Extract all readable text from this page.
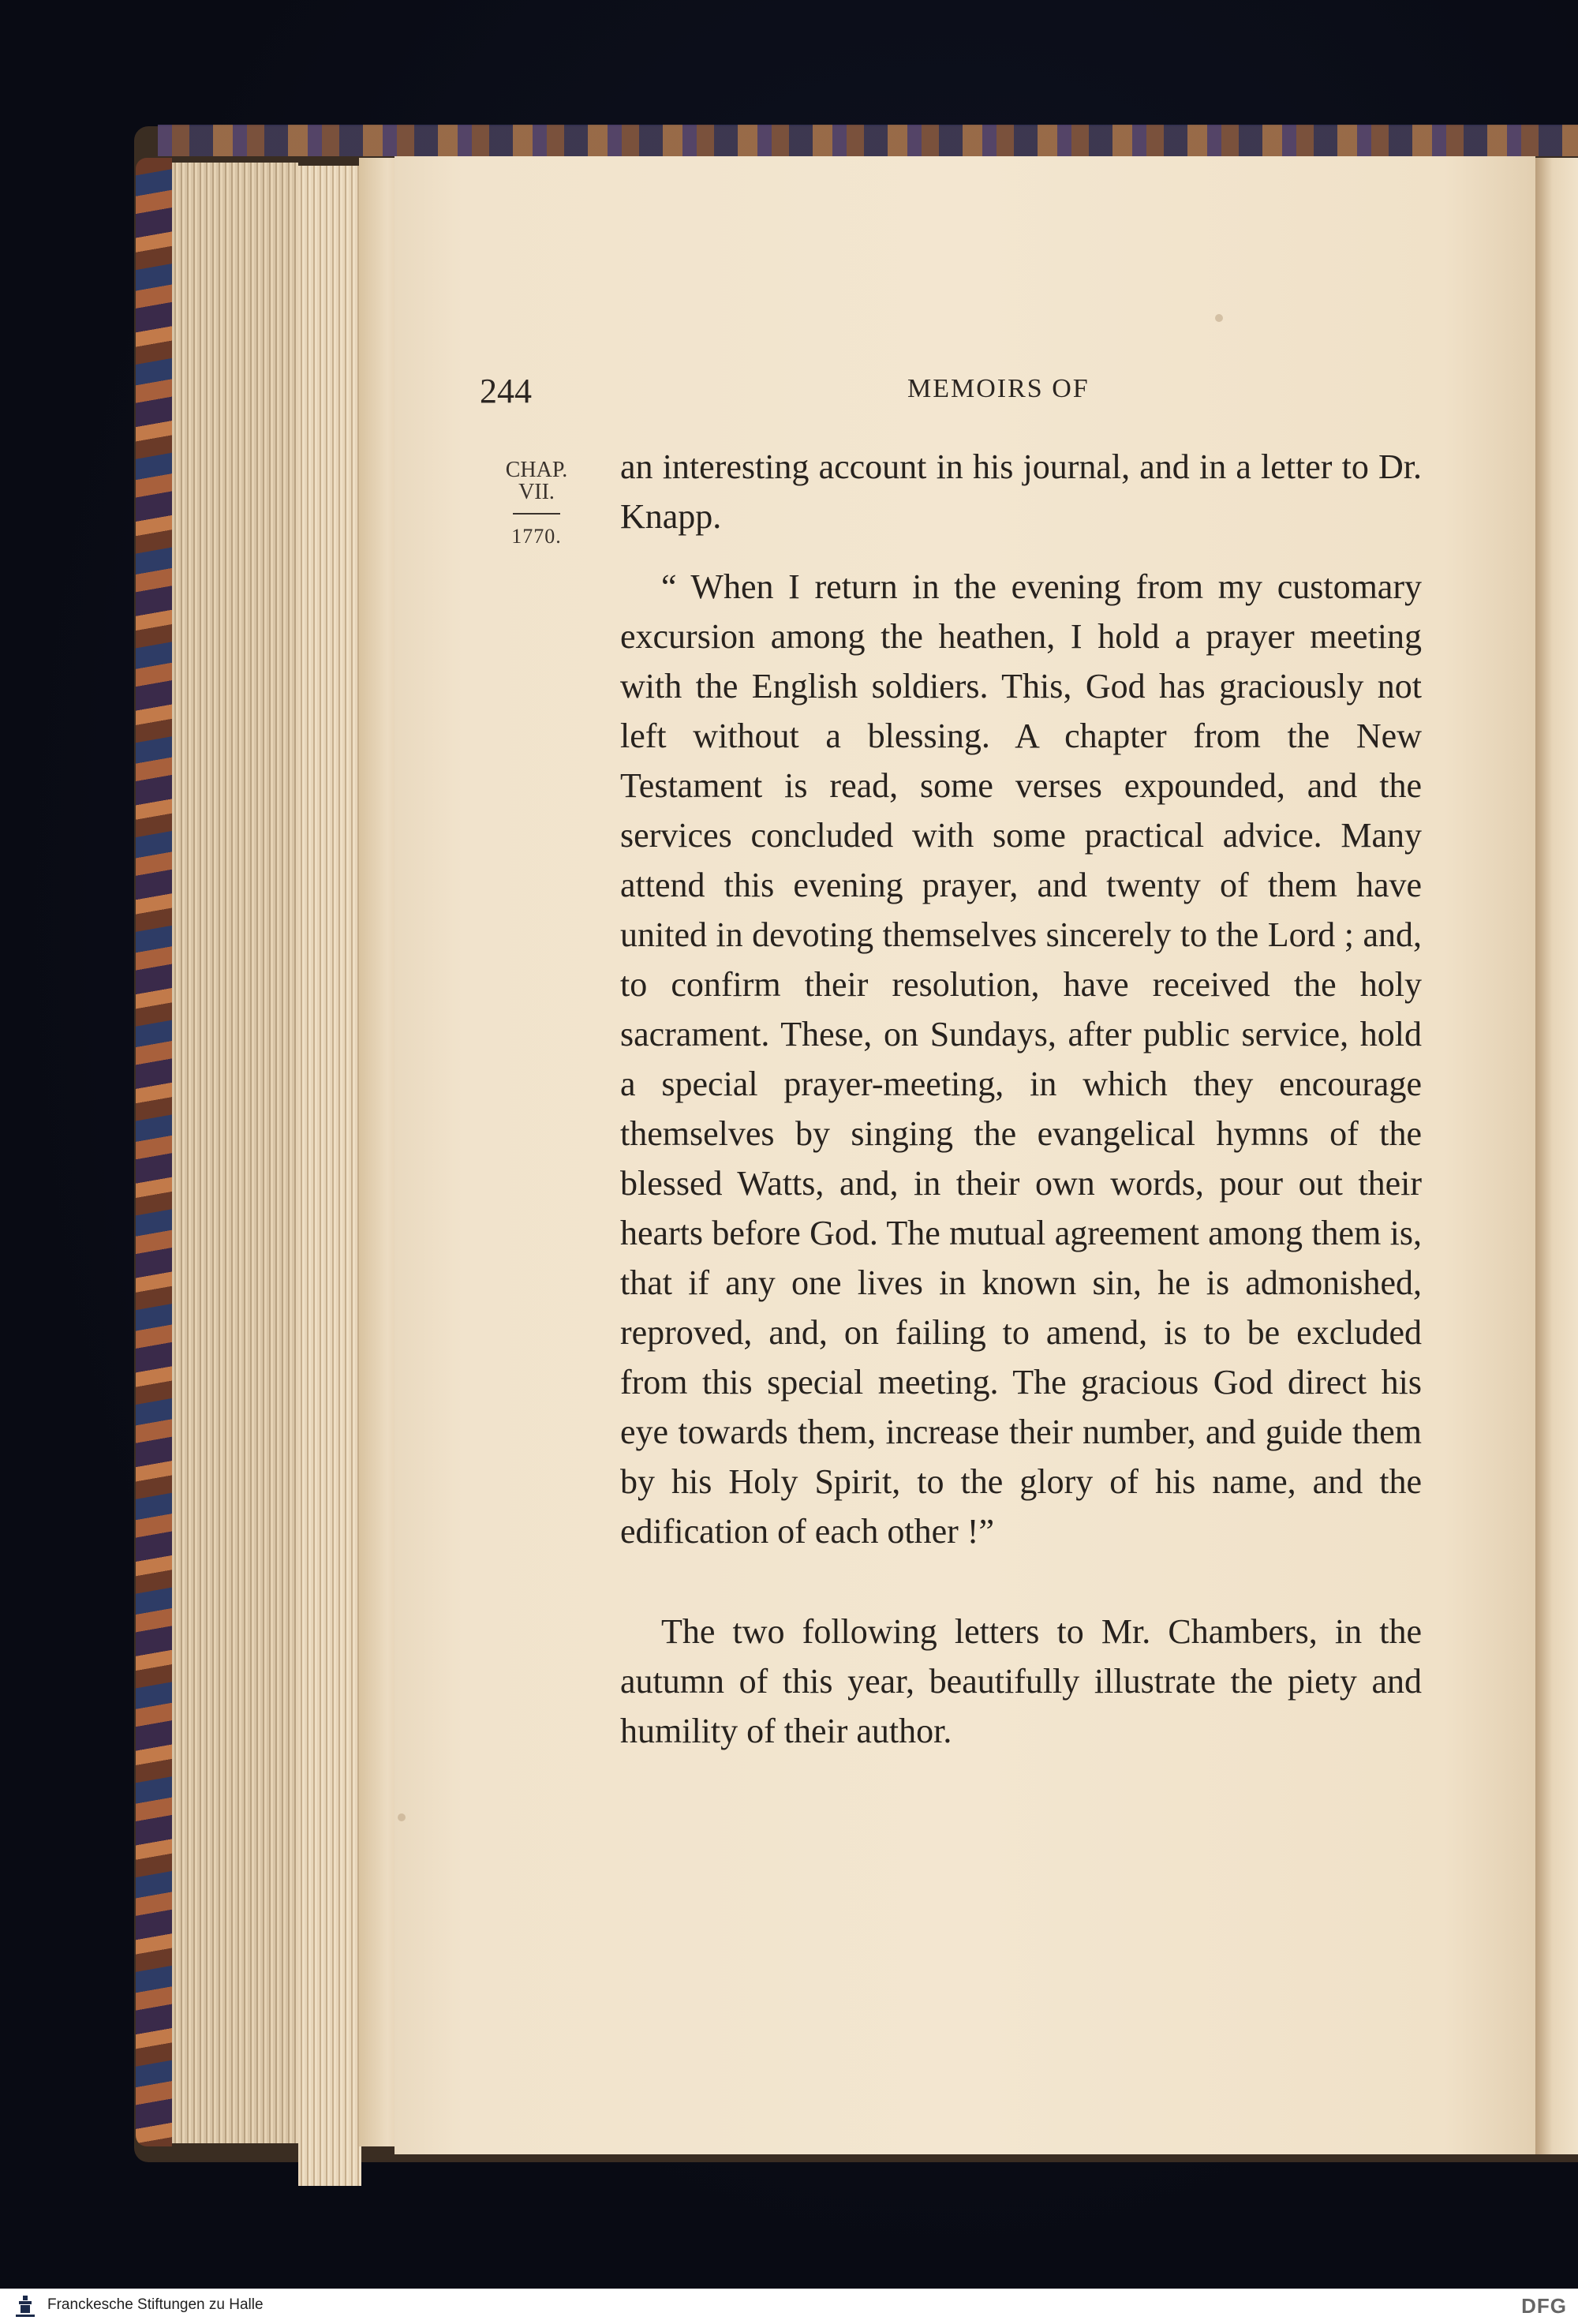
244	MEMOIRS OF
CHAP.
VII.
1770.

an interesting account in his journal, and in a letter to Dr. Knapp.

“ When I return in the evening from my customary excursion among the heathen, I hold a prayer meeting with the English soldiers. This, God has graciously not left without a blessing. A chapter from the New Testament is read, some verses expounded, and the services concluded with some practical advice. Many attend this evening prayer, and twenty of them have united in devoting themselves sincerely to the Lord ; and, to confirm their resolution, have received the holy sacrament. These, on Sundays, after public service, hold a special prayer-meeting, in which they encourage themselves by singing the evangelical hymns of the blessed Watts, and, in their own words, pour out their hearts before God. The mutual agreement among them is, that if any one lives in known sin, he is admonished, reproved, and, on failing to amend, is to be excluded from this special meeting. The gracious God direct his eye towards them, increase their number, and guide them by his Holy Spirit, to the glory of his name, and the edification of each other !”

The two following letters to Mr. Chambers, in the autumn of this year, beautifully illustrate the piety and humility of their author.

Franckesche Stiftungen zu Halle	DFG
